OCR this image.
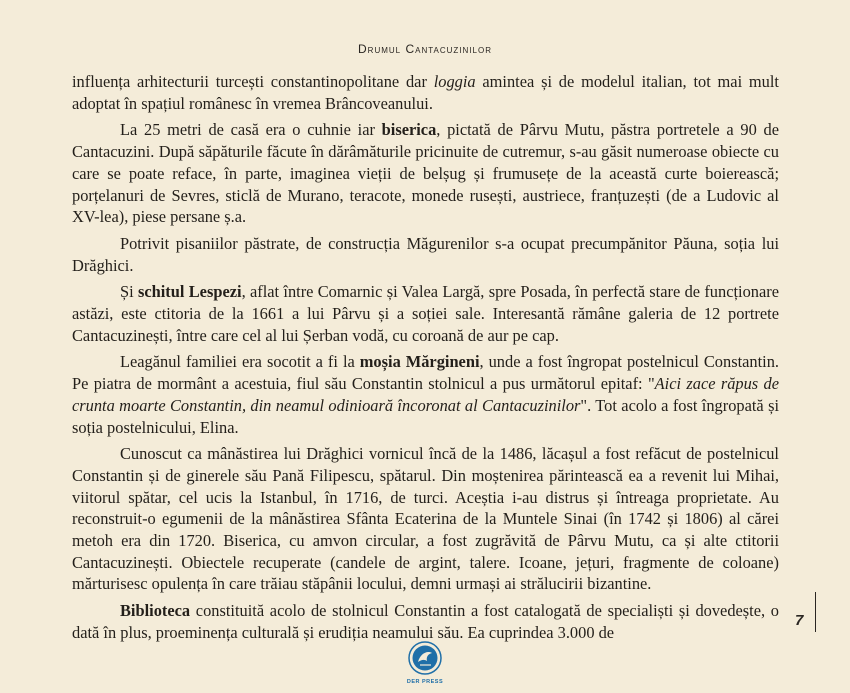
Drumul Cantacuzinilor

influența arhitecturii turcești constantinopolitane dar loggia amintea și de modelul italian, tot mai mult adoptat în spațiul românesc în vremea Brâncoveanului.

La 25 metri de casă era o cuhnie iar biserica, pictată de Pârvu Mutu, păstra portretele a 90 de Cantacuzini. După săpăturile făcute în dărâmăturile pricinuite de cutremur, s-au găsit numeroase obiecte cu care se poate reface, în parte, imaginea vieții de belșug și frumusețe de la această curte boierească; porțelanuri de Sevres, sticlă de Murano, teracote, monede rusești, austriece, franțuzești (de a Ludovic al XV-lea), piese persane ș.a.

Potrivit pisaniilor păstrate, de construcția Măgurenilor s-a ocupat precumpănitor Păuna, soția lui Drăghici.

Și schitul Lespezi, aflat între Comarnic și Valea Largă, spre Posada, în perfectă stare de funcționare astăzi, este ctitoria de la 1661 a lui Pârvu și a soției sale. Interesantă rămâne galeria de 12 portrete Cantacuzinești, între care cel al lui Șerban vodă, cu coroană de aur pe cap.

Leagănul familiei era socotit a fi la moșia Mărgineni, unde a fost îngropat postelnicul Constantin. Pe piatra de mormânt a acestuia, fiul său Constantin stolnicul a pus următorul epitaf: "Aici zace răpus de crunta moarte Constantin, din neamul odinioară încoronat al Cantacuzinilor". Tot acolo a fost îngropată și soția postelnicului, Elina.

Cunoscut ca mânăstirea lui Drăghici vornicul încă de la 1486, lăcașul a fost refăcut de postelnicul Constantin și de ginerele său Pană Filipescu, spătarul. Din moștenirea părintească ea a revenit lui Mihai, viitorul spătar, cel ucis la Istanbul, în 1716, de turci. Aceștia i-au distrus și întreaga proprietate. Au reconstruit-o egumenii de la mânăstirea Sfânta Ecaterina de la Muntele Sinai (în 1742 și 1806) al cărei metoh era din 1720. Biserica, cu amvon circular, a fost zugrăvită de Pârvu Mutu, ca și alte ctitorii Cantacuzinești. Obiectele recuperate (candele de argint, talere. Icoane, jețuri, fragmente de coloane) mărturisesc opulența în care trăiau stăpânii locului, demni urmași ai strălucirii bizantine.

Biblioteca constituită acolo de stolnicul Constantin a fost catalogată de specialiști și dovedește, o dată în plus, proeminența culturală și erudiția neamului său. Ea cuprindea 3.000 de

7
DER PRESS
